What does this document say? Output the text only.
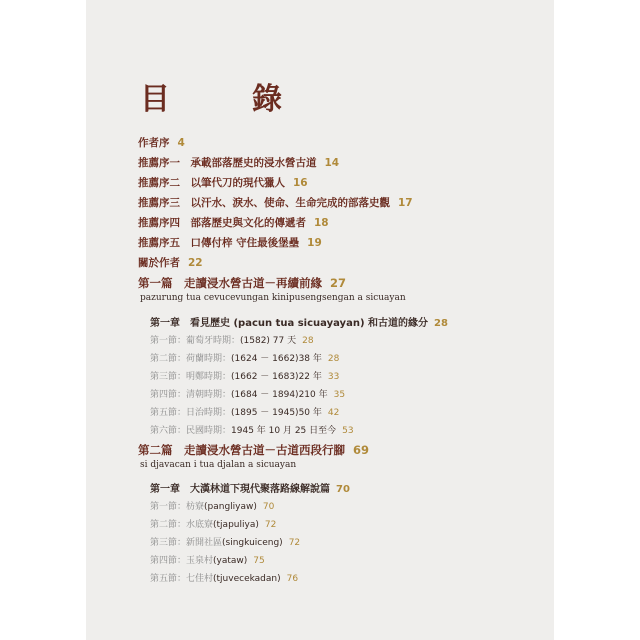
目　錄
作者序 4
推薦序一　承載部落歷史的浸水營古道 14
推薦序二　以筆代刀的現代獵人 16
推薦序三　以汗水、淚水、使命、生命完成的部落史觀 17
推薦序四　部落歷史與文化的傳遞者 18
推薦序五　口傳付梓 守住最後堡壘 19
關於作者 22
第一篇　走讀浸水營古道－再續前緣 27
pazurung tua cevucevungan kinipusengsengan a sicuayan
第一章　看見歷史 (pacun tua sicuayayan) 和古道的緣分 28
第一節：葡萄牙時期：(1582) 77 天 28
第二節：荷蘭時期：(1624 － 1662)38 年 28
第三節：明鄭時期：(1662 － 1683)22 年 33
第四節：清朝時期：(1684 － 1894)210 年 35
第五節：日治時期：(1895 － 1945)50 年 42
第六節：民國時期：1945 年 10 月 25 日至今 53
第二篇　走讀浸水營古道－古道西段行腳 69
si djavacan i tua djalan a sicuayan
第一章　大漢林道下現代聚落路線解說篇 70
第一節：枋寮(pangliyaw) 70
第二節：水底寮(tjapuliya) 72
第三節：新開社區(singkuiceng) 72
第四節：玉泉村(yataw) 75
第五節：七佳村(tjuvecekadan) 76
